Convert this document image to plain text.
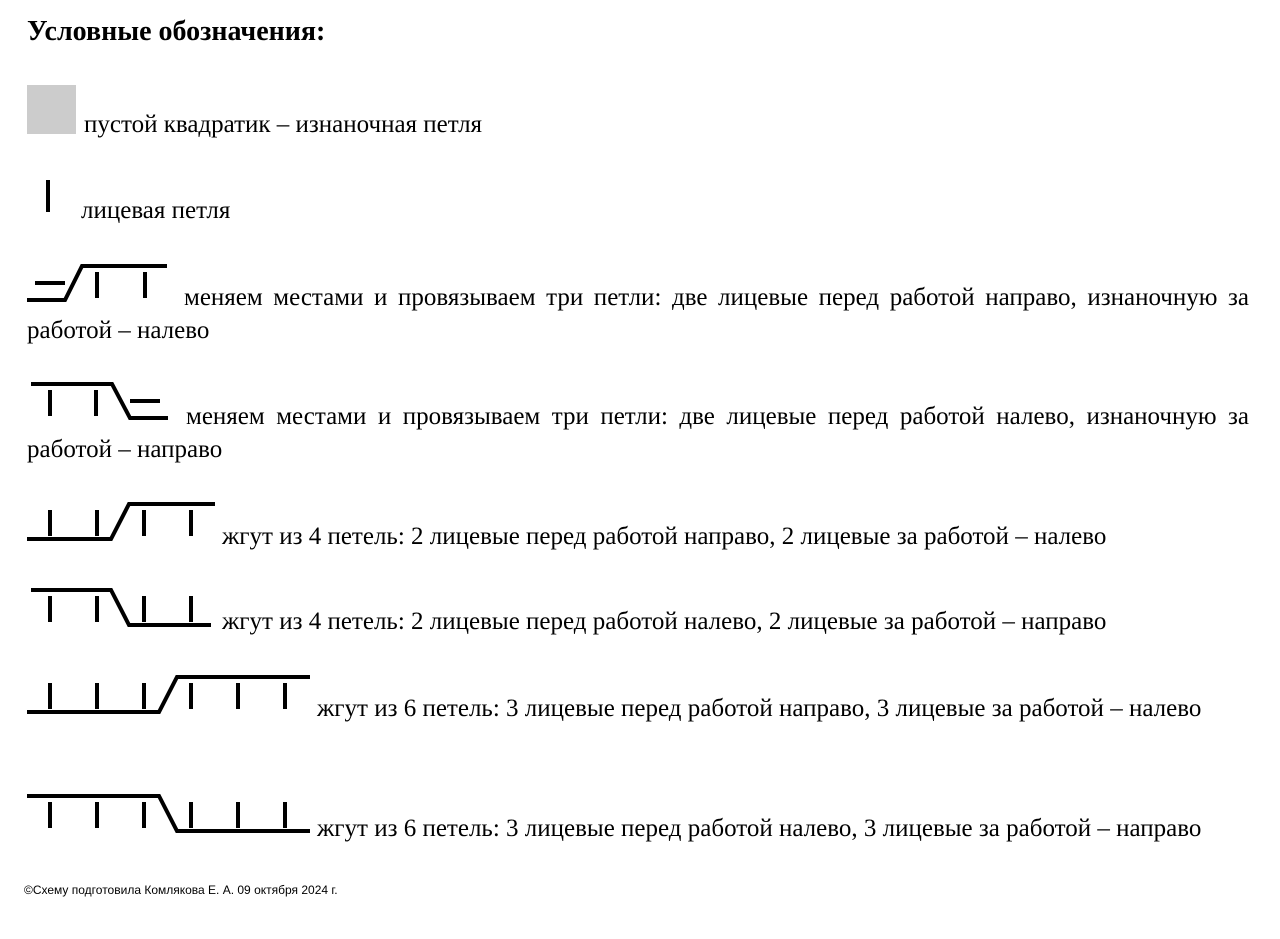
Условные обозначения:
пустой квадратик – изнаночная петля
лицевая петля
меняем местами и провязываем три петли: две лицевые перед работой направо, изнаночную за работой – налево
меняем местами и провязываем три петли: две лицевые перед работой налево, изнаночную за работой – направо
жгут из 4 петель: 2 лицевые перед работой направо, 2 лицевые за работой – налево
жгут из 4 петель: 2 лицевые перед работой налево, 2 лицевые за работой – направо
жгут из 6 петель: 3 лицевые перед работой направо, 3 лицевые за работой – налево
жгут из 6 петель: 3 лицевые перед работой налево, 3 лицевые за работой – направо
©Схему подготовила Комлякова Е. А. 09 октября 2024 г.
